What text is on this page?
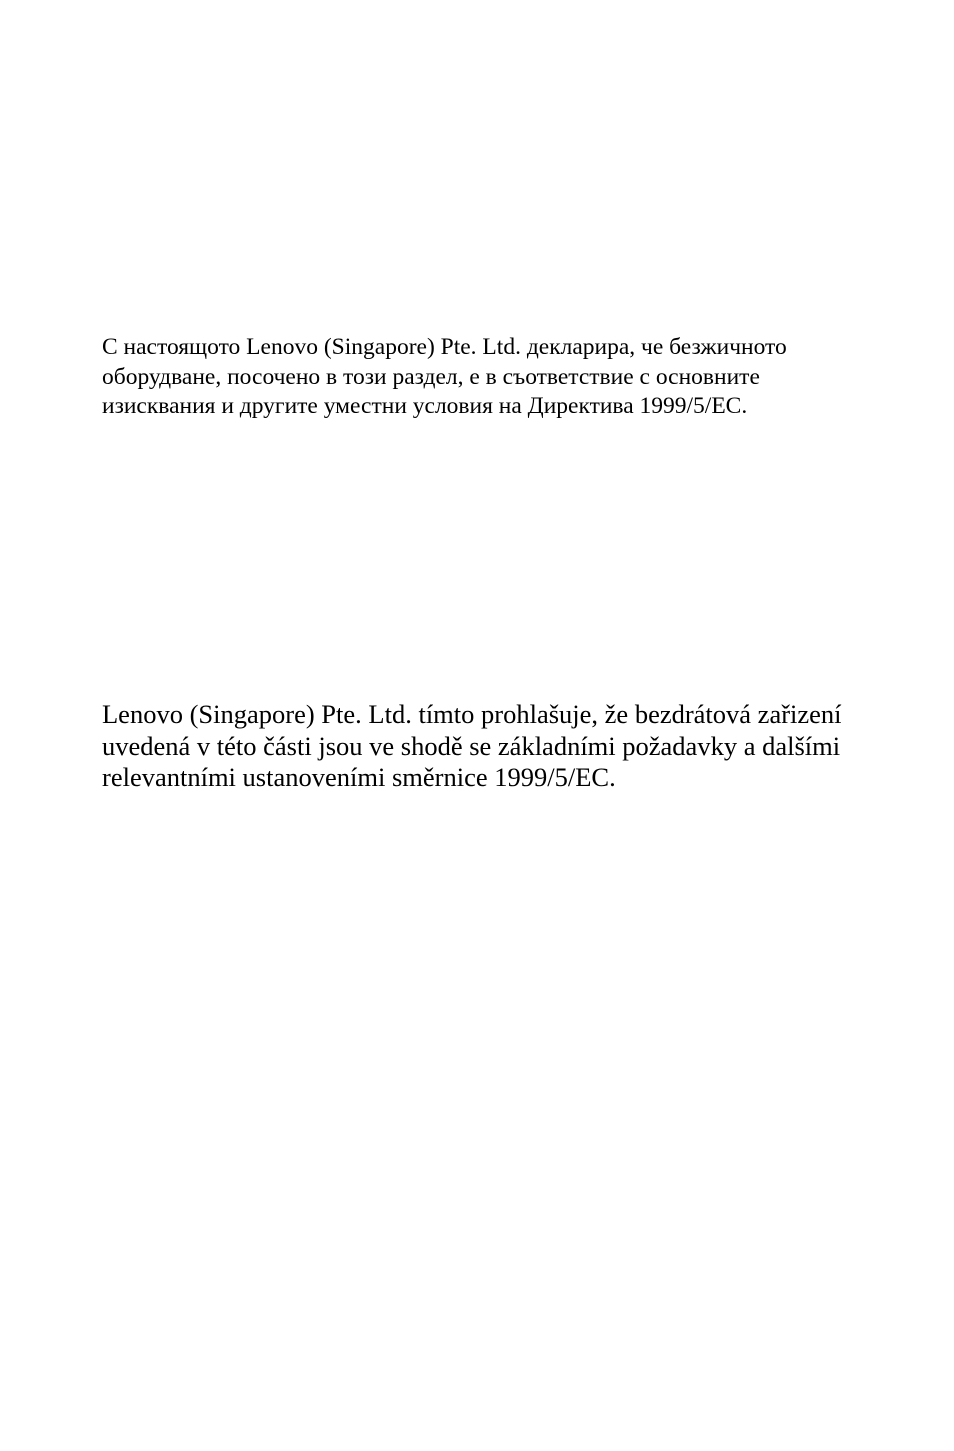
С настоящото Lenovo (Singapore) Pte. Ltd. декларира, че безжичното
оборудване, посочено в този раздел, е в съответствие с основните
изисквания и другите уместни условия на Директива 1999/5/EC.

Lenovo (Singapore) Pte. Ltd. tímto prohlašuje, že bezdrátová zařizení
uvedená v této části jsou ve shodě se základními požadavky a dalšími
relevantními ustanoveními směrnice 1999/5/EC.
